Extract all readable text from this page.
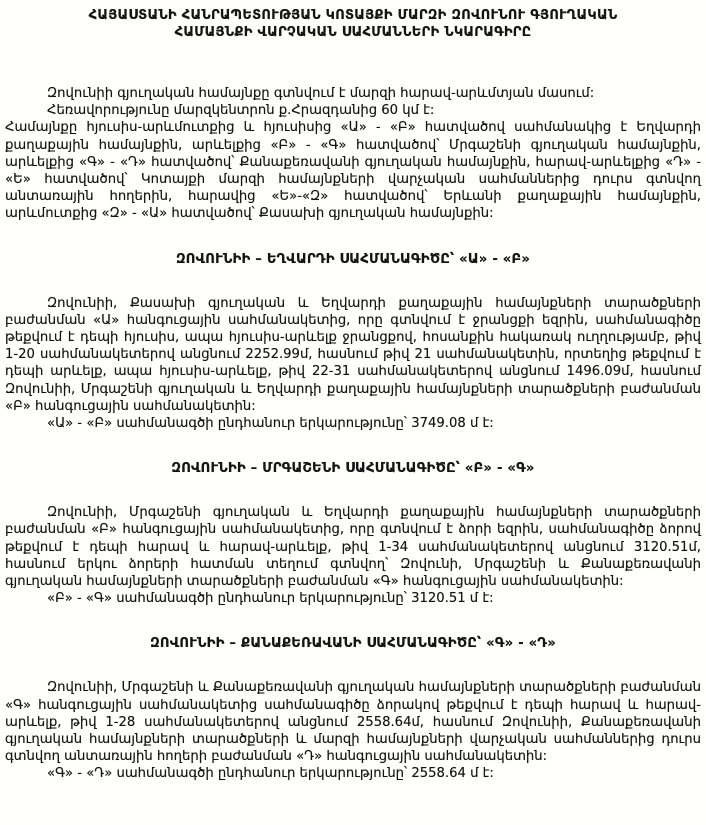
ՀԱՅԱՍՏԱՆԻ ՀԱՆՐԱՊԵՏՈՒԹՅԱՆ ԿՈՏԱՅՔԻ ՄԱՐԶԻ ԶՈՎՈՒՆՈՒ ԳՅՈՒՂԱԿԱՆ
ՀԱՄԱՅՆՔԻ ՎԱՐՉԱԿԱՆ ՍԱՀՄԱՆՆԵՐԻ ՆԿԱՐԱԳԻՐԸ

Զովունիի գյուղական համայնքը գտնվում է մարզի հարավ-արևմտյան մասում:

Հեռավորությունը մարզկենտրոն ք.Հրազդանից 60 կմ է:

Համայնքը հյուսիս-արևմուտքից և հյուսիսից «Ա» - «Բ» հատվածով սահմանակից է Եղվարդի քաղաքային համայնքին, արևելքից «Բ» - «Գ» հատվածով՝ Մրգաշենի գյուղական համայնքին, արևելքից «Գ» - «Դ» հատվածով՝ Քանաքեռավանի գյուղական համայնքին, հարավ-արևելքից «Դ» - «Ե» հատվածով՝ Կոտայքի մարզի համայնքների վարչական սահմաններից դուրս գտնվող անտառային հողերին, հարավից «Ե»-«Զ» հատվածով՝ Երևանի քաղաքային համայնքին, արևմուտքից «Զ» - «Ա» հատվածով՝ Քասախի գյուղական համայնքին:

ԶՈՎՈՒՆԻԻ – ԵՂՎԱՐԴԻ ՍԱՀՄԱՆԱԳԻԾԸ՝ «Ա» - «Բ»

Զովունիի, Քասախի գյուղական և Եղվարդի քաղաքային համայնքների տարածքների բաժանման «Ա» հանգուցային սահմանակետից, որը գտնվում է ջրանցքի եզրին, սահմանագիծը թեքվում է դեպի հյուսիս, ապա հյուսիս-արևելք ջրանցքով, հոսանքին հակառակ ուղղությամբ, թիվ 1-20 սահմանակետերով անցնում 2252.99մ, հասնում թիվ 21 սահմանակետին, որտեղից թեքվում է դեպի արևելք, ապա հյուսիս-արևելք, թիվ 22-31 սահմանակետերով անցնում 1496.09մ, հասնում Զովունիի, Մրգաշենի գյուղական և Եղվարդի քաղաքային համայնքների տարածքների բաժանման «Բ» հանգուցային սահմանակետին:

«Ա» - «Բ» սահմանագծի ընդհանուր երկարությունը՝ 3749.08 մ է:

ԶՈՎՈՒՆԻԻ – ՄՐԳԱՇԵՆԻ ՍԱՀՄԱՆԱԳԻԾԸ՝ «Բ» - «Գ»

Զովունիի, Մրգաշենի գյուղական և Եղվարդի քաղաքային համայնքների տարածքների բաժանման «Բ» հանգուցային սահմանակետից, որը գտնվում է ձորի եզրին, սահմանագիծը ձորով թեքվում է դեպի հարավ և հարավ-արևելք, թիվ 1-34 սահմանակետերով անցնում 3120.51մ, հասնում երկու ձորերի հատման տեղում գտնվող՝ Զովունի, Մրգաշենի և Քանաքեռավանի գյուղական համայնքների տարածքների բաժանման «Գ» հանգուցային սահմանակետին:

«Բ» - «Գ» սահմանագծի ընդհանուր երկարությունը՝ 3120.51 մ է:

ԶՈՎՈՒՆԻԻ – ՔԱՆԱՔԵՌԱՎԱՆԻ ՍԱՀՄԱՆԱԳԻԾԸ՝ «Գ» - «Դ»

Զովունիի, Մրգաշենի և Քանաքեռավանի գյուղական համայնքների տարածքների բաժանման «Գ» հանգուցային սահմանակետից սահմանագիծը ձորակով թեքվում է դեպի հարավ և հարավ-արևելք, թիվ 1-28 սահմանակետերով անցնում 2558.64մ, հասնում Զովունիի, Քանաքեռավանի գյուղական համայնքների տարածքների և մարզի համայնքների վարչական սահմաններից դուրս գտնվող անտառային հողերի բաժանման «Դ» հանգուցային սահմանակետին:

«Գ» - «Դ» սահմանագծի ընդհանուր երկարությունը՝ 2558.64 մ է:
